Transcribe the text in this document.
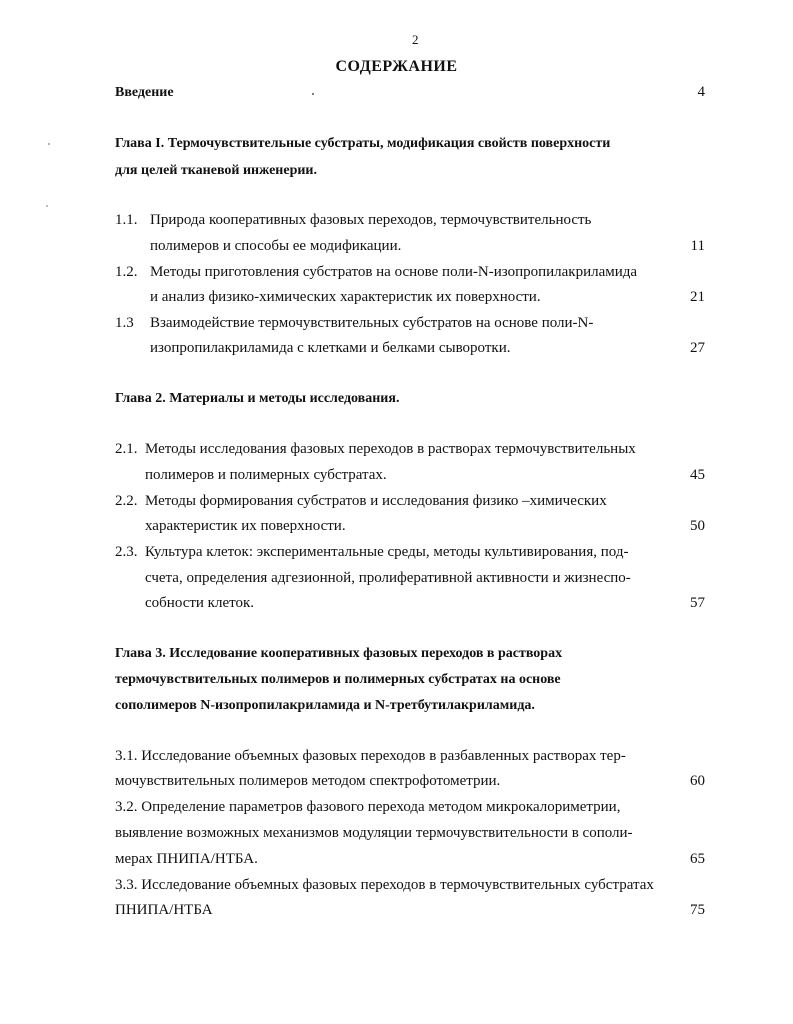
2
СОДЕРЖАНИЕ
Введение	4
Глава I. Термочувствительные субстраты, модификация свойств поверхности
для целей тканевой инженерии.
1.1. Природа кооперативных фазовых переходов, термочувствительность
полимеров и способы ее модификации.	11
1.2. Методы приготовления субстратов на основе поли-N-изопропилакриламида
и анализ физико-химических характеристик их поверхности.	21
1.3 Взаимодействие термочувствительных субстратов на основе поли-N-
изопропилакриламида с клетками и белками сыворотки.	27
Глава 2. Материалы и методы исследования.
2.1. Методы исследования фазовых переходов в растворах термочувствительных
полимеров и полимерных субстратах.	45
2.2. Методы формирования субстратов и исследования физико –химических
характеристик их поверхности.	50
2.3. Культура клеток: экспериментальные среды, методы культивирования, под-
счета, определения адгезионной, пролиферативной активности и жизнеспо-
собности клеток.	57
Глава 3. Исследование кооперативных фазовых переходов в растворах
термочувствительных полимеров и полимерных субстратах на основе
сополимеров N-изопропилакриламида и N-третбутилакриламида.
3.1. Исследование объемных фазовых переходов в разбавленных растворах тер-
мочувствительных полимеров методом спектрофотометрии.	60
3.2. Определение параметров фазового перехода методом микрокалориметрии,
выявление возможных механизмов модуляции термочувствительности в сополи-
мерах ПНИПА/НТБА.	65
3.3. Исследование объемных фазовых переходов в термочувствительных субстратах
ПНИПА/НТБА	75
